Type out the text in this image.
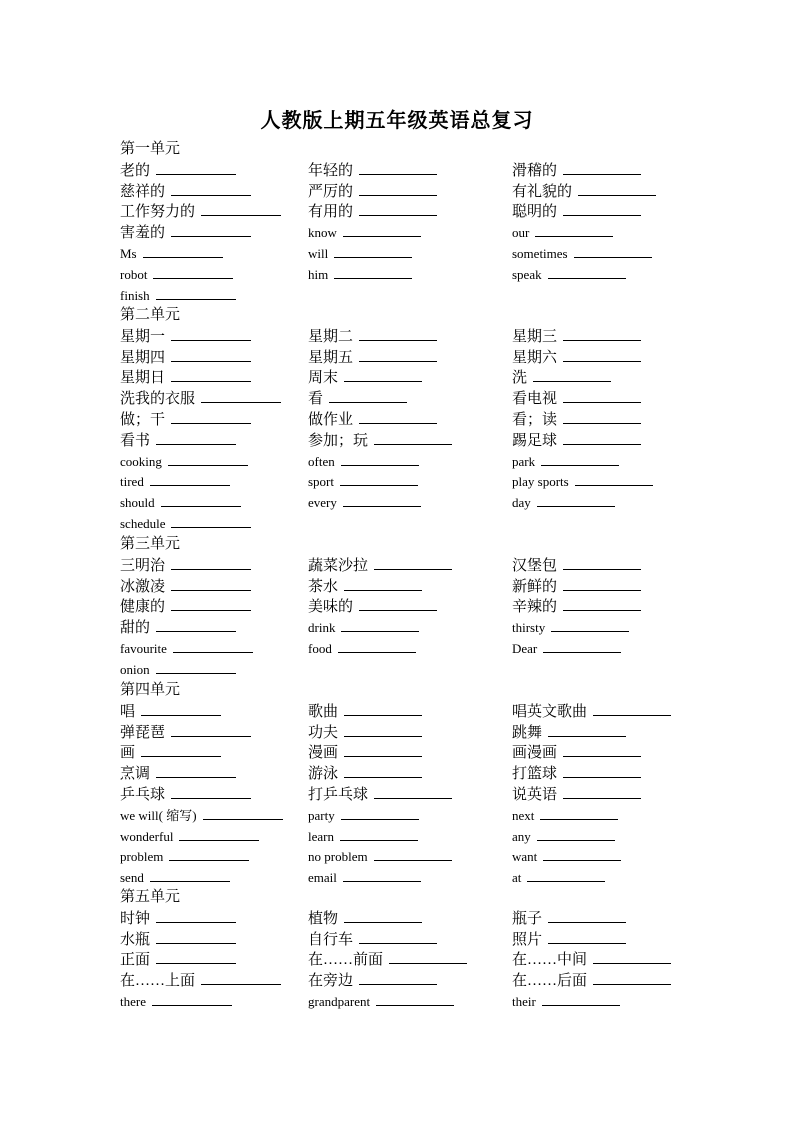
人教版上期五年级英语总复习
第一单元
老的	年轻的	滑稽的
慈祥的	严厉的	有礼貌的
工作努力的	有用的	聪明的
害羞的	know	our
Ms	will	sometimes
robot	him	speak
finish
第二单元
星期一	星期二	星期三
星期四	星期五	星期六
星期日	周末	洗
洗我的衣服	看	看电视
做；干	做作业	看；读
看书	参加；玩	踢足球
cooking	often	park
tired	sport	play sports
should	every	day
schedule
第三单元
三明治	蔬菜沙拉	汉堡包
冰激凌	茶水	新鲜的
健康的	美味的	辛辣的
甜的	drink	thirsty
favourite	food	Dear
onion
第四单元
唱	歌曲	唱英文歌曲
弹琵琶	功夫	跳舞
画	漫画	画漫画
烹调	游泳	打篮球
乒乓球	打乒乓球	说英语
we will( 缩写)	party	next
wonderful	learn	any
problem	no problem	want
send	email	at
第五单元
时钟	植物	瓶子
水瓶	自行车	照片
正面	在……前面	在……中间
在……上面	在旁边	在……后面
there	grandparent	their
